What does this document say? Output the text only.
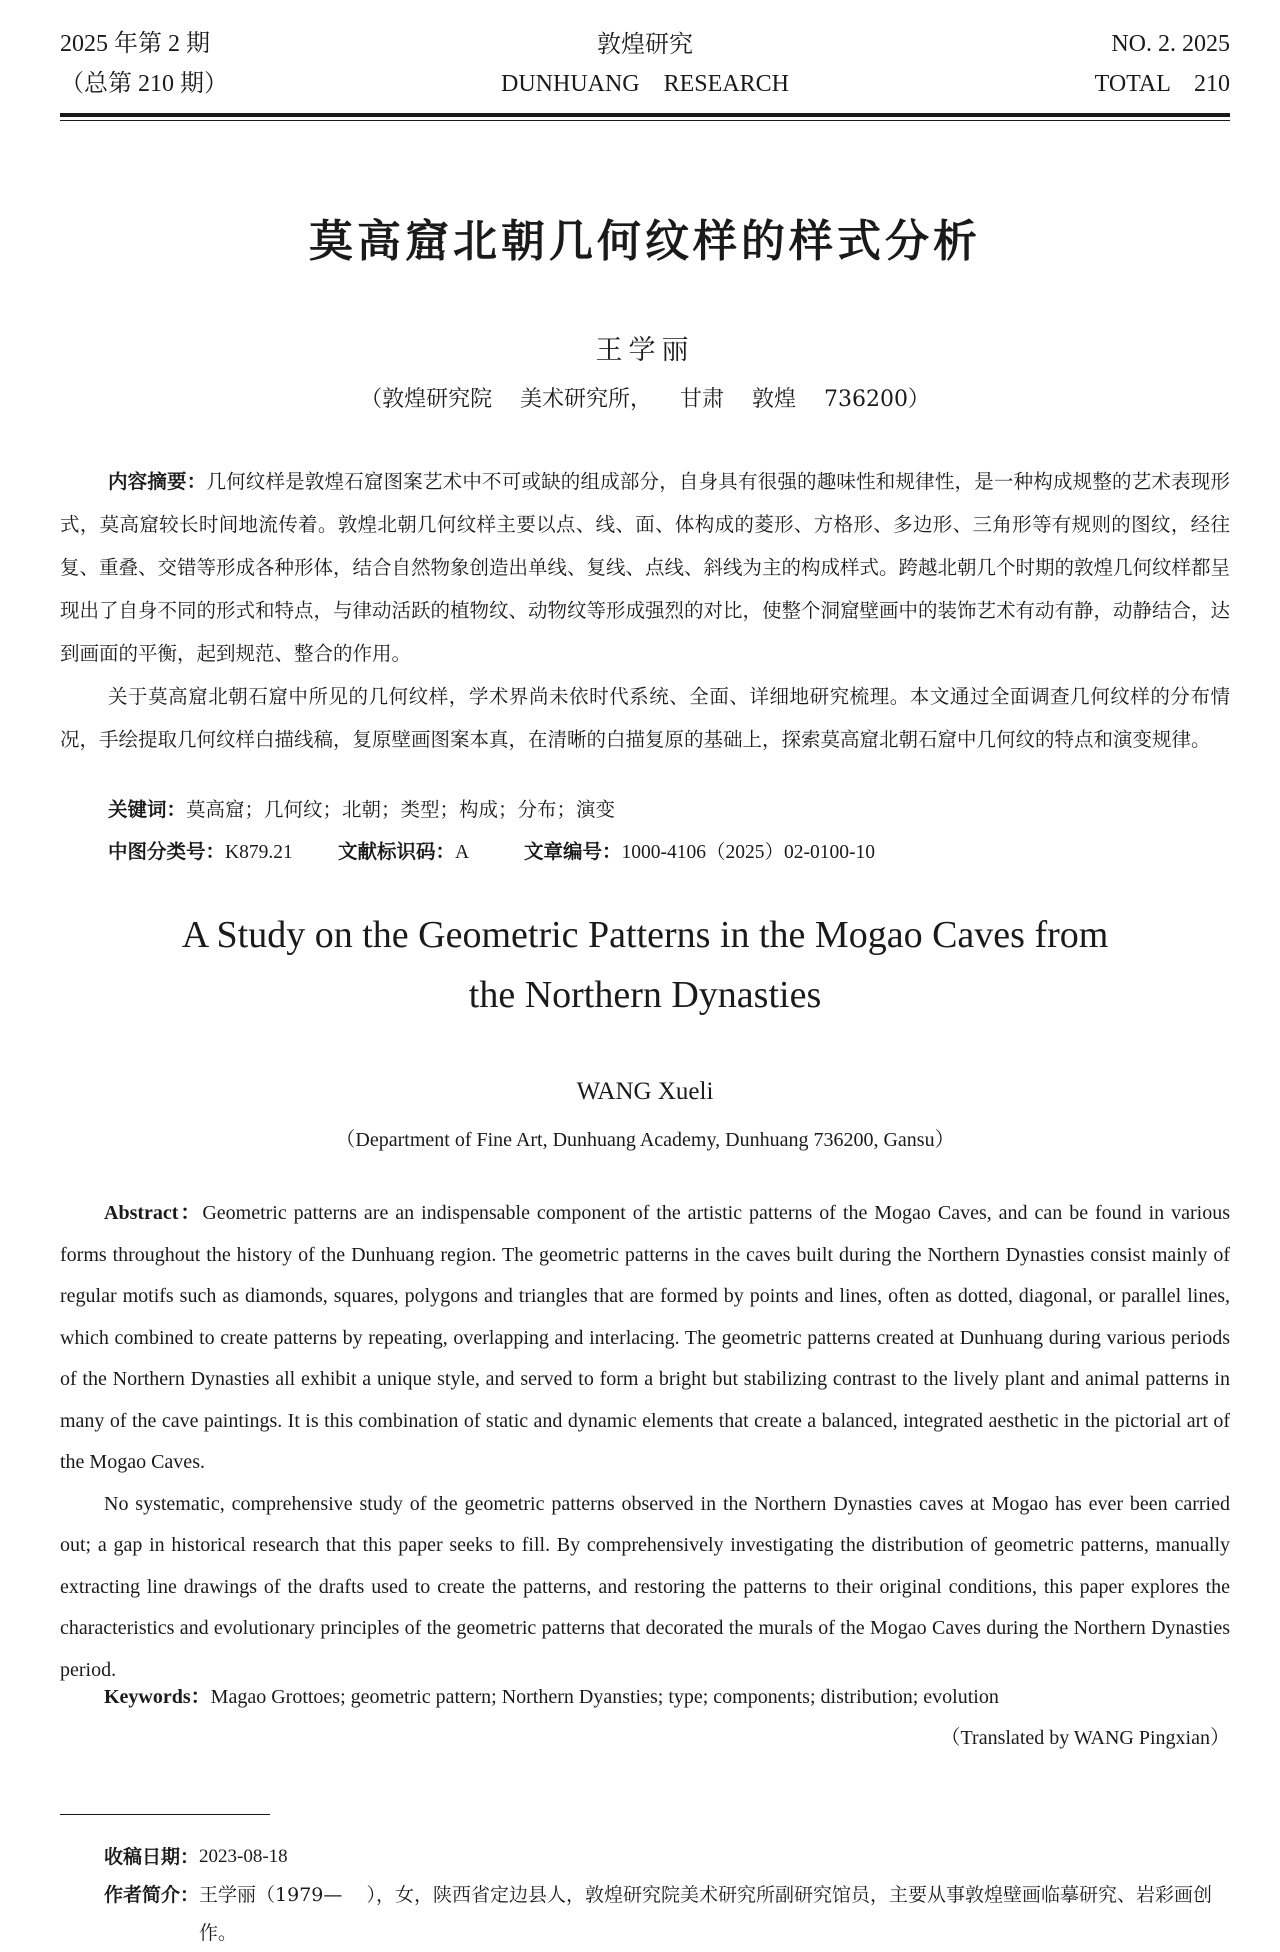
2025 年第 2 期
（总第 210 期）
敦煌研究
DUNHUANG    RESEARCH
NO. 2. 2025
TOTAL    210
莫高窟北朝几何纹样的样式分析
王学丽
（敦煌研究院    美术研究所，    甘肃    敦煌    736200）

内容摘要：几何纹样是敦煌石窟图案艺术中不可或缺的组成部分，自身具有很强的趣味性和规律性，是一种构成规整的艺术表现形式，莫高窟较长时间地流传着。敦煌北朝几何纹样主要以点、线、面、体构成的菱形、方格形、多边形、三角形等有规则的图纹，经往复、重叠、交错等形成各种形体，结合自然物象创造出单线、复线、点线、斜线为主的构成样式。跨越北朝几个时期的敦煌几何纹样都呈现出了自身不同的形式和特点，与律动活跃的植物纹、动物纹等形成强烈的对比，使整个洞窟壁画中的装饰艺术有动有静，动静结合，达到画面的平衡，起到规范、整合的作用。

关于莫高窟北朝石窟中所见的几何纹样，学术界尚未依时代系统、全面、详细地研究梳理。本文通过全面调查几何纹样的分布情况，手绘提取几何纹样白描线稿，复原壁画图案本真，在清晰的白描复原的基础上，探索莫高窟北朝石窟中几何纹的特点和演变规律。

关键词：莫高窟；几何纹；北朝；类型；构成；分布；演变
中图分类号：K879.21 文献标识码：A	文章编号：1000-4106（2025）02-0100-10
A Study on the Geometric Patterns in the Mogao Caves from
the Northern Dynasties
WANG Xueli
（Department of Fine Art, Dunhuang Academy, Dunhuang 736200, Gansu）

Abstract：Geometric patterns are an indispensable component of the artistic patterns of the Mogao Caves, and can be found in various forms throughout the history of the Dunhuang region. The geometric patterns in the caves built during the Northern Dynasties consist mainly of regular motifs such as diamonds, squares, polygons and triangles that are formed by points and lines, often as dotted, diagonal, or parallel lines, which combined to create patterns by repeating, overlapping and interlacing. The geometric patterns created at Dunhuang during various periods of the Northern Dynasties all exhibit a unique style, and served to form a bright but stabilizing contrast to the lively plant and animal patterns in many of the cave paintings. It is this combination of static and dynamic elements that create a balanced, integrated aesthetic in the pictorial art of the Mogao Caves.

No systematic, comprehensive study of the geometric patterns observed in the Northern Dynasties caves at Mogao has ever been carried out; a gap in historical research that this paper seeks to fill. By comprehensively investigating the distribution of geometric patterns, manually extracting line drawings of the drafts used to create the patterns, and restoring the patterns to their original conditions, this paper explores the characteristics and evolutionary principles of the geometric patterns that decorated the murals of the Mogao Caves during the Northern Dynasties period.

Keywords：Magao Grottoes; geometric pattern; Northern Dyansties; type; components; distribution; evolution
（Translated by WANG Pingxian）
收稿日期： 2023-08-18
作者简介： 王学丽（1979—    ），女，陕西省定边县人，敦煌研究院美术研究所副研究馆员，主要从事敦煌壁画临摹研究、岩彩画创作。
